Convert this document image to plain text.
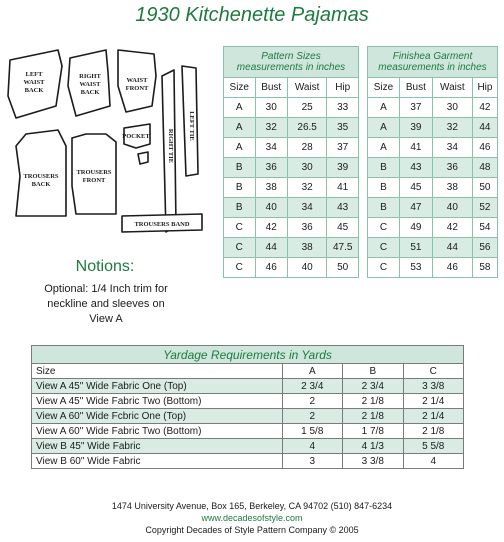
1930 Kitchenette Pajamas
LEFT
WAIST
BACK
RIGHT
WAIST
BACK
WAIST
FRONT
RIGHT TIE
LEFT TIE
TROUSERS
BACK
TROUSERS
FRONT
POCKET
TROUSERS BAND
Pattern Sizes
measurements in inches			
Size	Bust	Waist	Hip
A	30	25	33
A	32	26.5	35
A	34	28	37
B	36	30	39
B	38	32	41
B	40	34	43
C	42	36	45
C	44	38	47.5
C	46	40	50
Finishea Garment
measurements in inches			
Size	Bust	Waist	Hip
A	37	30	42
A	39	32	44
A	41	34	46
B	43	36	48
B	45	38	50
B	47	40	52
C	49	42	54
C	51	44	56
C	53	46	58
Notions:
Optional: 1/4 Inch trim for
neckline and sleeves on
View A
Yardage Requirements in Yards			
Size	A	B	C
View A 45" Wide Fabric One (Top)	2 3/4	2 3/4	3 3/8
View A 45" Wide Fabric Two (Bottom)	2	2 1/8	2 1/4
View A 60" Wide Fcbric One (Top)	2	2 1/8	2 1/4
View A 60" Wide Fabric Two (Bottom)	1 5/8	1 7/8	2 1/8
View B 45" Wide Fabric	4	4 1/3	5 5/8
View B 60" Wide Fabric	3	3 3/8	4
1474 University Avenue, Box 165, Berkeley, CA 94702 (510) 847-6234
www.decadesofstyle.com
Copyright Decades of Style Pattern Company © 2005
